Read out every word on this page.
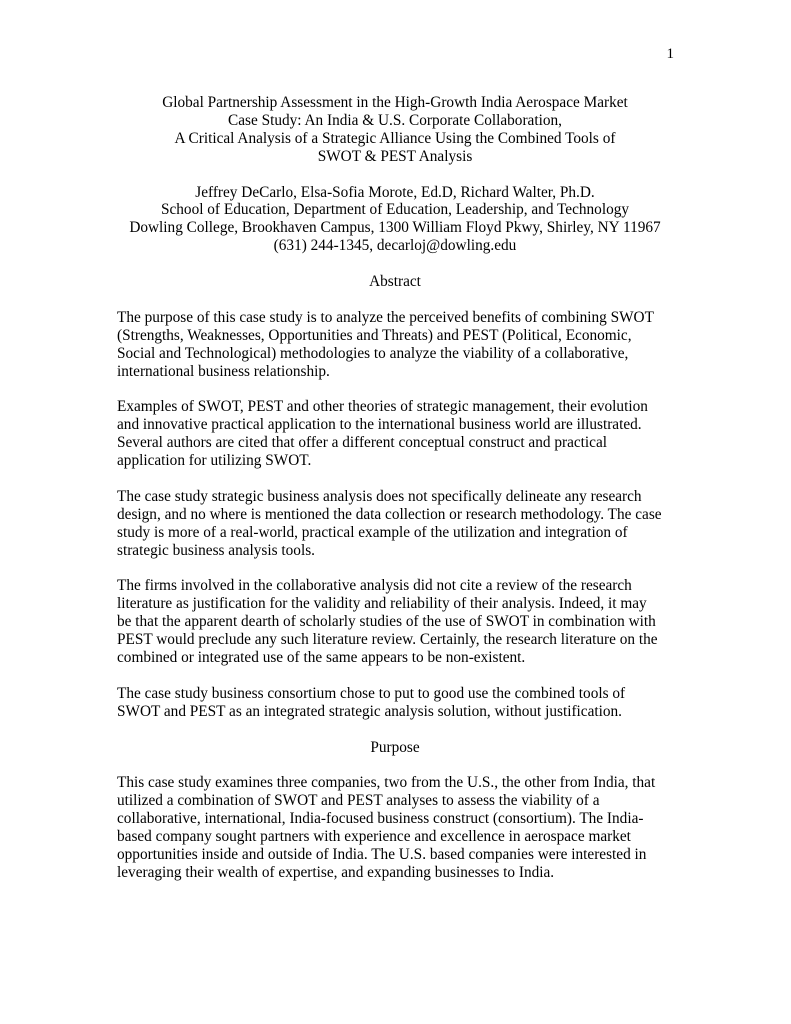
1
Global Partnership Assessment in the High-Growth India Aerospace Market
Case Study: An India & U.S. Corporate Collaboration,
A Critical Analysis of a Strategic Alliance Using the Combined Tools of
SWOT & PEST Analysis
Jeffrey DeCarlo, Elsa-Sofia Morote, Ed.D, Richard Walter, Ph.D.
School of Education, Department of Education, Leadership, and Technology
Dowling College, Brookhaven Campus, 1300 William Floyd Pkwy, Shirley, NY 11967
(631) 244-1345, decarloj@dowling.edu
Abstract
The purpose of this case study is to analyze the perceived benefits of combining SWOT
(Strengths, Weaknesses, Opportunities and Threats) and PEST (Political, Economic,
Social and Technological) methodologies to analyze the viability of a collaborative,
international business relationship.
Examples of SWOT, PEST and other theories of strategic management, their evolution
and innovative practical application to the international business world are illustrated.
Several authors are cited that offer a different conceptual construct and practical
application for utilizing SWOT.
The case study strategic business analysis does not specifically delineate any research
design, and no where is mentioned the data collection or research methodology. The case
study is more of a real-world, practical example of the utilization and integration of
strategic business analysis tools.
The firms involved in the collaborative analysis did not cite a review of the research
literature as justification for the validity and reliability of their analysis. Indeed, it may
be that the apparent dearth of scholarly studies of the use of SWOT in combination with
PEST would preclude any such literature review. Certainly, the research literature on the
combined or integrated use of the same appears to be non-existent.
The case study business consortium chose to put to good use the combined tools of
SWOT and PEST as an integrated strategic analysis solution, without justification.
Purpose
This case study examines three companies, two from the U.S., the other from India, that
utilized a combination of SWOT and PEST analyses to assess the viability of a
collaborative, international, India-focused business construct (consortium). The India-
based company sought partners with experience and excellence in aerospace market
opportunities inside and outside of India. The U.S. based companies were interested in
leveraging their wealth of expertise, and expanding businesses to India.
